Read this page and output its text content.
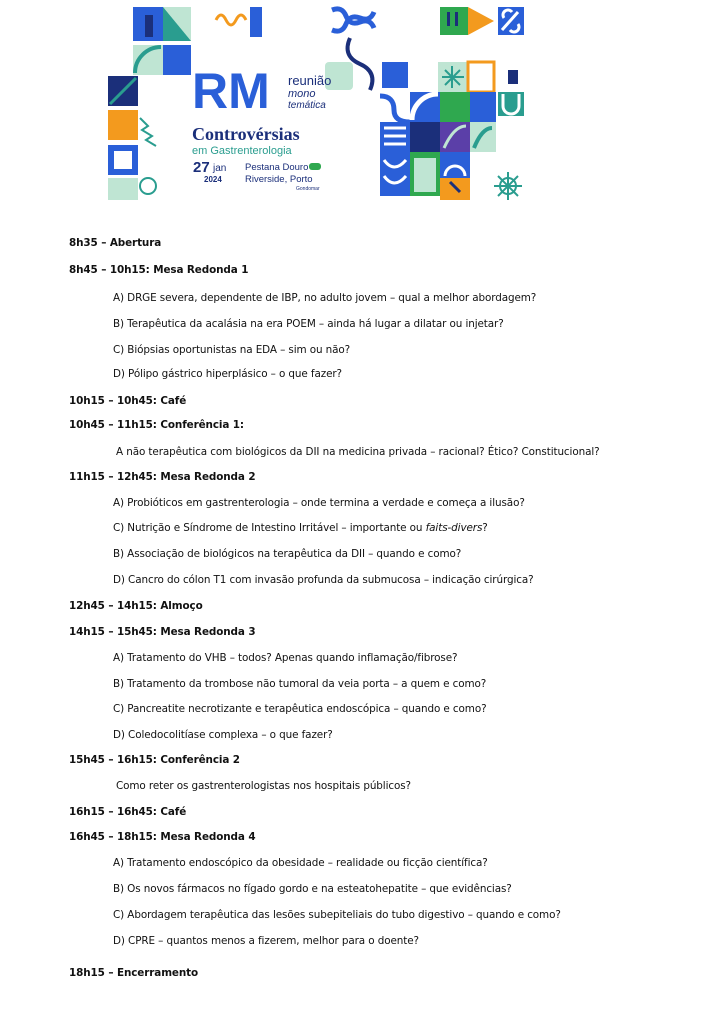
RM reunião
mono
temática
Controvérsias
em Gastrenterologia
27 jan
2024
Pestana Douro
Riverside, Porto
Gondomar
8h35 – Abertura
8h45 – 10h15: Mesa Redonda 1
A) DRGE severa, dependente de IBP, no adulto jovem – qual a melhor abordagem?
B) Terapêutica da acalásia na era POEM – ainda há lugar a dilatar ou injetar?
C) Biópsias oportunistas na EDA – sim ou não?
D) Pólipo gástrico hiperplásico – o que fazer?
10h15 – 10h45: Café
10h45 – 11h15: Conferência 1:
A não terapêutica com biológicos da DII na medicina privada – racional? Ético? Constitucional?
11h15 – 12h45: Mesa Redonda 2
A) Probióticos em gastrenterologia – onde termina a verdade e começa a ilusão?
C) Nutrição e Síndrome de Intestino Irritável – importante ou faits-divers?
B) Associação de biológicos na terapêutica da DII – quando e como?
D) Cancro do cólon T1 com invasão profunda da submucosa – indicação cirúrgica?
12h45 – 14h15: Almoço
14h15 – 15h45: Mesa Redonda 3
A) Tratamento do VHB – todos? Apenas quando inflamação/fibrose?
B) Tratamento da trombose não tumoral da veia porta – a quem e como?
C) Pancreatite necrotizante e terapêutica endoscópica – quando e como?
D) Coledocolitíase complexa – o que fazer?
15h45 – 16h15: Conferência 2
Como reter os gastrenterologistas nos hospitais públicos?
16h15 – 16h45: Café
16h45 – 18h15: Mesa Redonda 4
A) Tratamento endoscópico da obesidade – realidade ou ficção científica?
B) Os novos fármacos no fígado gordo e na esteatohepatite – que evidências?
C) Abordagem terapêutica das lesões subepiteliais do tubo digestivo – quando e como?
D) CPRE – quantos menos a fizerem, melhor para o doente?
18h15 – Encerramento
